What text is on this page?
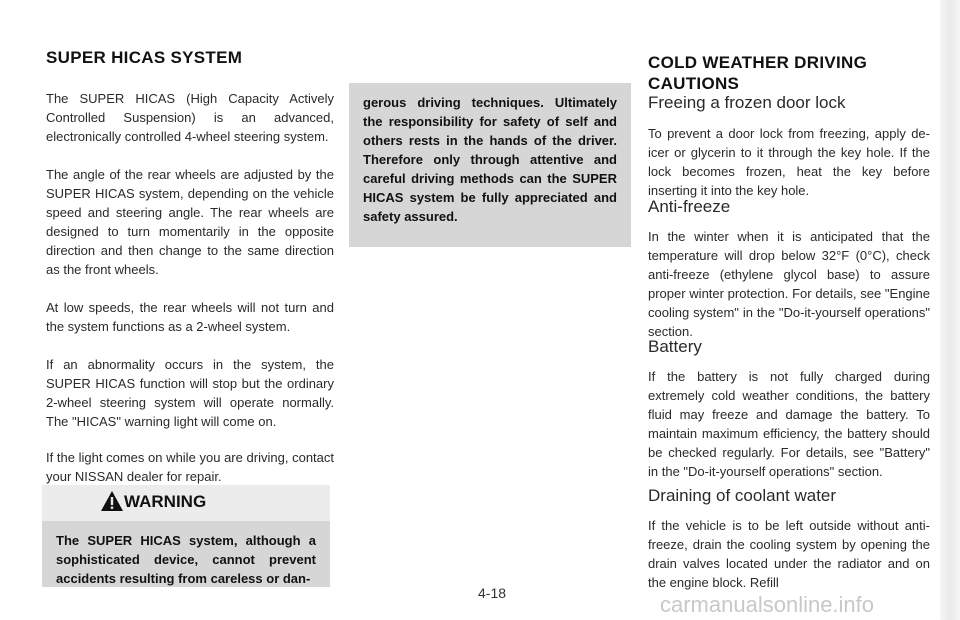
SUPER HICAS SYSTEM

The SUPER HICAS (High Capacity Actively Controlled Suspension) is an advanced, electronically controlled 4-wheel steering system.

The angle of the rear wheels are adjusted by the SUPER HICAS system, depending on the vehicle speed and steering angle. The rear wheels are designed to turn momentarily in the opposite direction and then change to the same direction as the front wheels.

At low speeds, the rear wheels will not turn and the system functions as a 2-wheel system.

If an abnormality occurs in the system, the SUPER HICAS function will stop but the ordinary 2-wheel steering system will operate normally. The "HICAS" warning light will come on.

If the light comes on while you are driving, contact your NISSAN dealer for repair.

WARNING
The SUPER HICAS system, although a sophisticated device, cannot prevent accidents resulting from careless or dan-
gerous driving techniques. Ultimately the responsibility for safety of self and others rests in the hands of the driver. Therefore only through attentive and careful driving methods can the SUPER HICAS system be fully appreciated and safety assured.
COLD WEATHER DRIVING CAUTIONS
Freeing a frozen door lock

To prevent a door lock from freezing, apply de-icer or glycerin to it through the key hole. If the lock becomes frozen, heat the key before inserting it into the key hole.

Anti-freeze

In the winter when it is anticipated that the temperature will drop below 32°F (0°C), check anti-freeze (ethylene glycol base) to assure proper winter protection. For details, see "Engine cooling system" in the "Do-it-yourself operations" section.

Battery

If the battery is not fully charged during extremely cold weather conditions, the battery fluid may freeze and damage the battery. To maintain maximum efficiency, the battery should be checked regularly. For details, see "Battery" in the "Do-it-yourself operations" section.

Draining of coolant water

If the vehicle is to be left outside without anti-freeze, drain the cooling system by opening the drain valves located under the radiator and on the engine block. Refill

4-18	carmanualsonline.info
